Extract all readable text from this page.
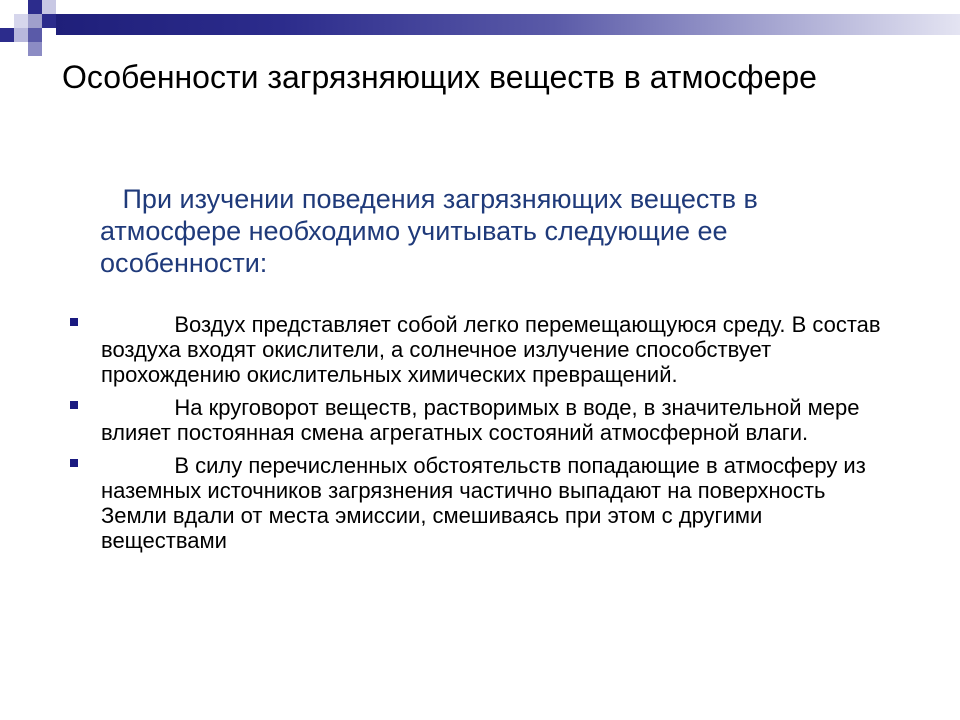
Особенности загрязняющих веществ в атмосфере

При изучении поведения загрязняющих веществ в атмосфере необходимо учитывать следующие ее особенности:

Воздух представляет собой легко перемещающуюся среду. В состав воздуха входят окислители, а солнечное излучение способствует прохождению окислительных химических превращений.
На круговорот веществ, растворимых в воде, в значительной мере влияет постоянная смена агрегатных состояний атмосферной влаги.
В силу перечисленных обстоятельств попадающие в атмосферу из наземных источников загрязнения частично выпадают на поверхность Земли вдали от места эмиссии, смешиваясь при этом с другими веществами
